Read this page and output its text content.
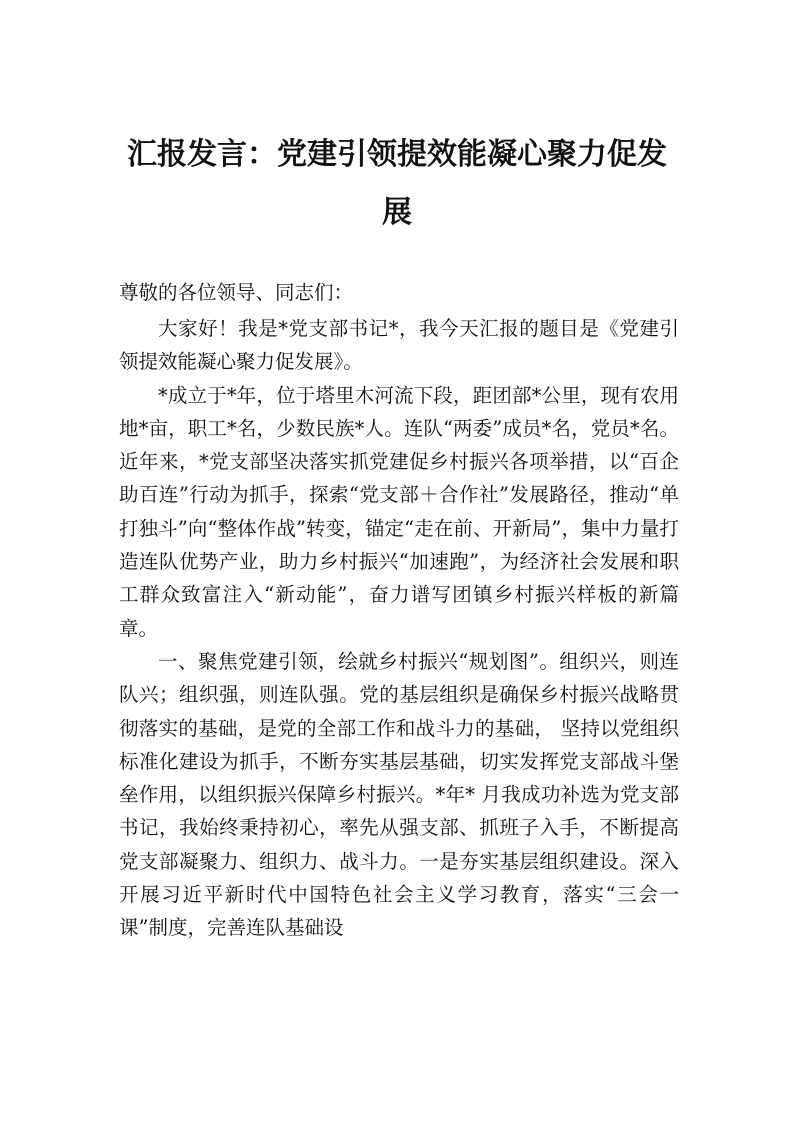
汇报发言：党建引领提效能凝心聚力促发展

尊敬的各位领导、同志们：

大家好！我是*党支部书记*，我今天汇报的题目是《党建引领提效能凝心聚力促发展》。

*成立于*年，位于塔里木河流下段，距团部*公里，现有农用地*亩，职工*名，少数民族*人。连队“两委”成员*名，党员*名。近年来，*党支部坚决落实抓党建促乡村振兴各项举措，以“百企助百连”行动为抓手，探索“党支部＋合作社”发展路径，推动“单打独斗”向“整体作战”转变，锚定“走在前、开新局”，集中力量打造连队优势产业，助力乡村振兴“加速跑”，为经济社会发展和职工群众致富注入“新动能”，奋力谱写团镇乡村振兴样板的新篇章。

一、聚焦党建引领，绘就乡村振兴“规划图”。组织兴，则连队兴；组织强，则连队强。党的基层组织是确保乡村振兴战略贯彻落实的基础，是党的全部工作和战斗力的基础， 坚持以党组织标准化建设为抓手，不断夯实基层基础，切实发挥党支部战斗堡垒作用，以组织振兴保障乡村振兴。*年* 月我成功补选为党支部书记，我始终秉持初心，率先从强支部、抓班子入手，不断提高党支部凝聚力、组织力、战斗力。一是夯实基层组织建设。深入开展习近平新时代中国特色社会主义学习教育，落实“三会一课”制度，完善连队基础设
